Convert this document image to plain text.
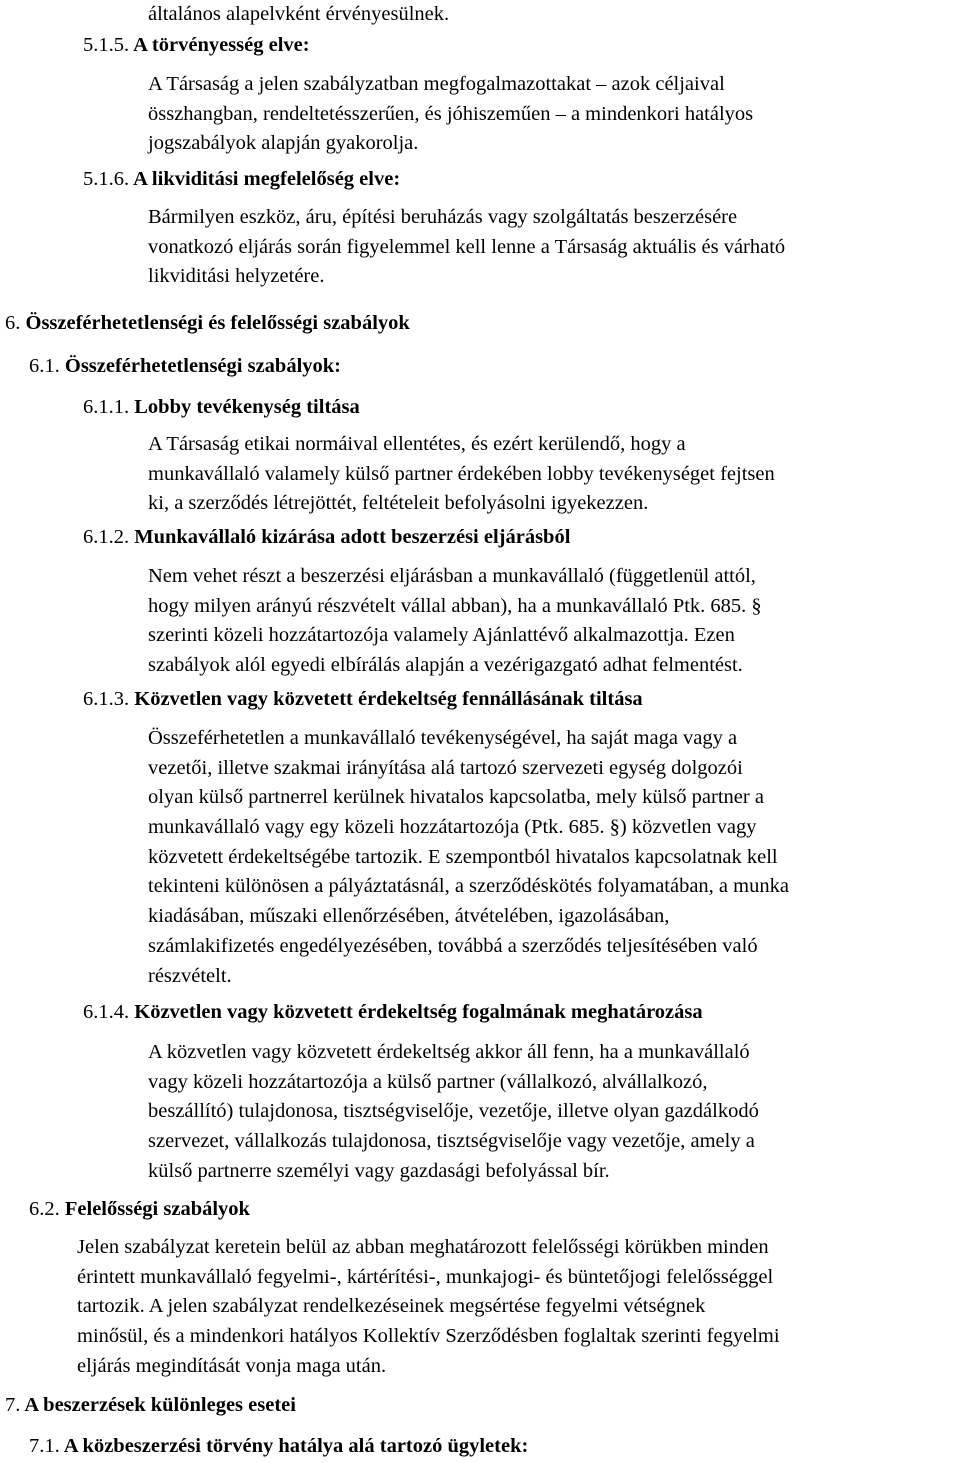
általános alapelvként érvényesülnek.
5.1.5. A törvényesség elve:
A Társaság a jelen szabályzatban megfogalmazottakat – azok céljaival
összhangban, rendeltetésszerűen, és jóhiszeműen – a mindenkori hatályos
jogszabályok alapján gyakorolja.
5.1.6. A likviditási megfelelőség elve:
Bármilyen eszköz, áru, építési beruházás vagy szolgáltatás beszerzésére
vonatkozó eljárás során figyelemmel kell lenne a Társaság aktuális és várható
likviditási helyzetére.
6. Összeférhetetlenségi és felelősségi szabályok
6.1. Összeférhetetlenségi szabályok:
6.1.1. Lobby tevékenység tiltása
A Társaság etikai normáival ellentétes, és ezért kerülendő, hogy a
munkavállaló valamely külső partner érdekében lobby tevékenységet fejtsen
ki, a szerződés létrejöttét, feltételeit befolyásolni igyekezzen.
6.1.2. Munkavállaló kizárása adott beszerzési eljárásból
Nem vehet részt a beszerzési eljárásban a munkavállaló (függetlenül attól,
hogy milyen arányú részvételt vállal abban), ha a munkavállaló Ptk. 685. §
szerinti közeli hozzátartozója valamely Ajánlattévő alkalmazottja. Ezen
szabályok alól egyedi elbírálás alapján a vezérigazgató adhat felmentést.
6.1.3. Közvetlen vagy közvetett érdekeltség fennállásának tiltása
Összeférhetetlen a munkavállaló tevékenységével, ha saját maga vagy a
vezetői, illetve szakmai irányítása alá tartozó szervezeti egység dolgozói
olyan külső partnerrel kerülnek hivatalos kapcsolatba, mely külső partner a
munkavállaló vagy egy közeli hozzátartozója (Ptk. 685. §) közvetlen vagy
közvetett érdekeltségébe tartozik. E szempontból hivatalos kapcsolatnak kell
tekinteni különösen a pályáztatásnál, a szerződéskötés folyamatában, a munka
kiadásában, műszaki ellenőrzésében, átvételében, igazolásában,
számlakifizetés engedélyezésében, továbbá a szerződés teljesítésében való
részvételt.
6.1.4. Közvetlen vagy közvetett érdekeltség fogalmának meghatározása
A közvetlen vagy közvetett érdekeltség akkor áll fenn, ha a munkavállaló
vagy közeli hozzátartozója a külső partner (vállalkozó, alvállalkozó,
beszállító) tulajdonosa, tisztségviselője, vezetője, illetve olyan gazdálkodó
szervezet, vállalkozás tulajdonosa, tisztségviselője vagy vezetője, amely a
külső partnerre személyi vagy gazdasági befolyással bír.
6.2. Felelősségi szabályok
Jelen szabályzat keretein belül az abban meghatározott felelősségi körükben minden
érintett munkavállaló fegyelmi-, kártérítési-, munkajogi- és büntetőjogi felelősséggel
tartozik. A jelen szabályzat rendelkezéseinek megsértése fegyelmi vétségnek
minősül, és a mindenkori hatályos Kollektív Szerződésben foglaltak szerinti fegyelmi
eljárás megindítását vonja maga után.
7. A beszerzések különleges esetei
7.1. A közbeszerzési törvény hatálya alá tartozó ügyletek:
